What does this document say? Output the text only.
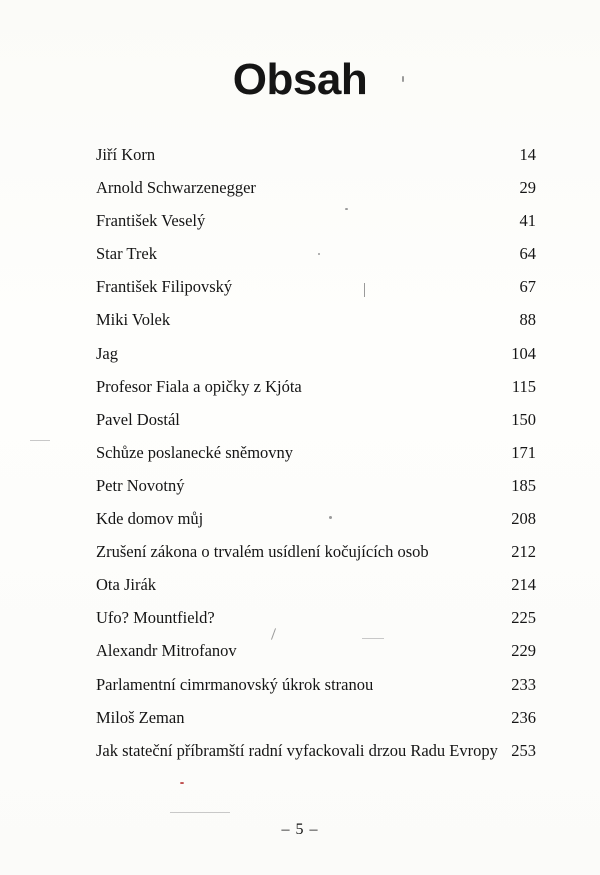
Obsah
Jiří Korn	14
Arnold Schwarzenegger	29
František Veselý	41
Star Trek	64
František Filipovský	67
Miki Volek	88
Jag	104
Profesor Fiala a opičky z Kjóta	115
Pavel Dostál	150
Schůze poslanecké sněmovny	171
Petr Novotný	185
Kde domov můj	208
Zrušení zákona o trvalém usídlení kočujících osob	212
Ota Jirák	214
Ufo? Mountfield?	225
Alexandr Mitrofanov	229
Parlamentní cimrmanovský úkrok stranou	233
Miloš Zeman	236
Jak stateční příbramští radní vyfackovali drzou Radu Evropy 253
– 5 –
